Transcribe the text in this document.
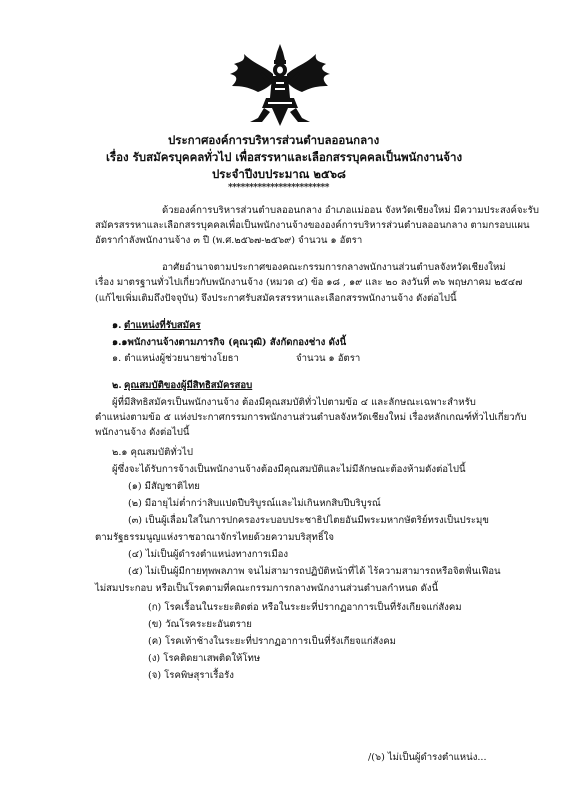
ประกาศองค์การบริหารส่วนตำบลออนกลาง
เรื่อง รับสมัครบุคคลทั่วไป เพื่อสรรหาและเลือกสรรบุคคลเป็นพนักงานจ้าง
ประจำปีงบประมาณ ๒๕๖๘
************************
ด้วยองค์การบริหารส่วนตำบลออนกลาง อำเภอแม่ออน จังหวัดเชียงใหม่ มีความประสงค์จะรับ
สมัครสรรหาและเลือกสรรบุคคลเพื่อเป็นพนักงานจ้างขององค์การบริหารส่วนตำบลออนกลาง ตามกรอบแผน
อัตรากำลังพนักงานจ้าง ๓ ปี (พ.ศ.๒๕๖๗-๒๕๖๙) จำนวน ๑ อัตรา
อาศัยอำนาจตามประกาศของคณะกรรมการกลางพนักงานส่วนตำบลจังหวัดเชียงใหม่
เรื่อง มาตรฐานทั่วไปเกี่ยวกับพนักงานจ้าง (หมวด ๔) ข้อ ๑๘ , ๑๙ และ ๒๐ ลงวันที่ ๓๖ พฤษภาคม ๒๕๔๗
(แก้ไขเพิ่มเติมถึงปัจจุบัน) จึงประกาศรับสมัครสรรหาและเลือกสรรพนักงานจ้าง ดังต่อไปนี้
๑. ตำแหน่งที่รับสมัคร
๑.๑พนักงานจ้างตามภารกิจ (คุณวุฒิ) สังกัดกองช่าง ดังนี้
๑. ตำแหน่งผู้ช่วยนายช่างโยธา	จำนวน ๑ อัตรา
๒. คุณสมบัติของผู้มีสิทธิสมัครสอบ
ผู้ที่มีสิทธิสมัครเป็นพนักงานจ้าง ต้องมีคุณสมบัติทั่วไปตามข้อ ๔ และลักษณะเฉพาะสำหรับ
ตำแหน่งตามข้อ ๕ แห่งประกาศกรรมการพนักงานส่วนตำบลจังหวัดเชียงใหม่ เรื่องหลักเกณฑ์ทั่วไปเกี่ยวกับ
พนักงานจ้าง ดังต่อไปนี้
๒.๑ คุณสมบัติทั่วไป
ผู้ซึ่งจะได้รับการจ้างเป็นพนักงานจ้างต้องมีคุณสมบัติและไม่มีลักษณะต้องห้ามดังต่อไปนี้
(๑) มีสัญชาติไทย
(๒) มีอายุไม่ต่ำกว่าสิบแปดปีบริบูรณ์และไม่เกินหกสิบปีบริบูรณ์
(๓) เป็นผู้เลื่อมใสในการปกครองระบอบประชาธิปไตยอันมีพระมหากษัตริย์ทรงเป็นประมุข
ตามรัฐธรรมนูญแห่งราชอาณาจักรไทยด้วยความบริสุทธิ์ใจ
(๔) ไม่เป็นผู้ดำรงตำแหน่งทางการเมือง
(๕) ไม่เป็นผู้มีกายทุพพลภาพ จนไม่สามารถปฏิบัติหน้าที่ได้ ไร้ความสามารถหรือจิตฟั่นเฟือน
ไม่สมประกอบ หรือเป็นโรคตามที่คณะกรรมการกลางพนักงานส่วนตำบลกำหนด ดังนี้
(ก) โรคเรื้อนในระยะติดต่อ หรือในระยะที่ปรากฏอาการเป็นที่รังเกียจแก่สังคม
(ข) วัณโรคระยะอันตราย
(ค) โรคเท้าช้างในระยะที่ปรากฏอาการเป็นที่รังเกียจแก่สังคม
(ง) โรคติดยาเสพติดให้โทษ
(จ) โรคพิษสุราเรื้อรัง
/(๖) ไม่เป็นผู้ดำรงตำแหน่ง...
